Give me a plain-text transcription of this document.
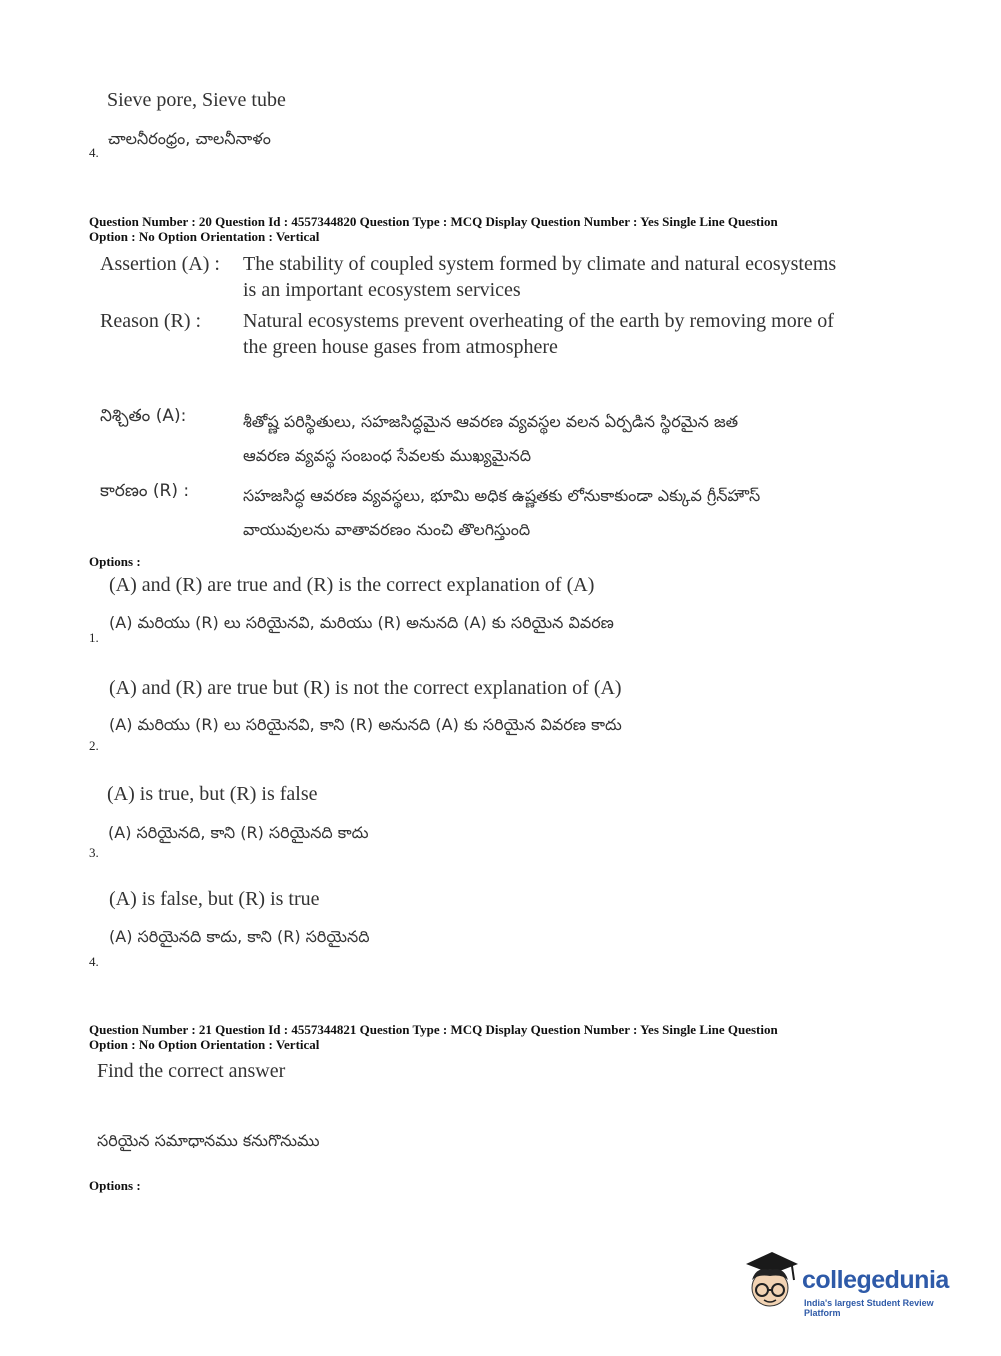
Sieve pore, Sieve tube
4.
చాలనీరంధ్రం, చాలనీనాళం
Question Number : 20 Question Id : 4557344820 Question Type : MCQ Display Question Number : Yes Single Line Question
Option : No Option Orientation : Vertical
Assertion (A) : The stability of coupled system formed by climate and natural ecosystems
is an important ecosystem services
Reason (R) : Natural ecosystems prevent overheating of the earth by removing more of
the green house gases from atmosphere
నిశ్చితం (A):	శీతోష్ణ పరిస్థితులు, సహజసిద్ధమైన ఆవరణ వ్యవస్థల వలన ఏర్పడిన స్థిరమైన జత
ఆవరణ వ్యవస్థ సంబంధ సేవలకు ముఖ్యమైనది
కారణం (R) :	సహజసిద్ధ ఆవరణ వ్యవస్థలు, భూమి అధిక ఉష్ణతకు లోనుకాకుండా ఎక్కువ గ్రీన్‌హౌస్
వాయువులను వాతావరణం నుంచి తొలగిస్తుంది
Options :
(A) and (R) are true and (R) is the correct explanation of (A)
(A) మరియు (R) లు సరియైనవి, మరియు (R) అనునది (A) కు సరియైన వివరణ
1.
(A) and (R) are true but (R) is not the correct explanation of (A)
(A) మరియు (R) లు సరియైనవి, కాని (R) అనునది (A) కు సరియైన వివరణ కాదు
2.
(A) is true, but (R) is false
(A) సరియైనది, కాని (R) సరియైనది కాదు
3.
(A) is false, but (R) is true
(A) సరియైనది కాదు, కాని (R) సరియైనది
4.
Question Number : 21 Question Id : 4557344821 Question Type : MCQ Display Question Number : Yes Single Line Question
Option : No Option Orientation : Vertical
Find the correct answer
సరియైన సమాధానము కనుగొనుము
Options :
collegedunia
India's largest Student Review Platform
